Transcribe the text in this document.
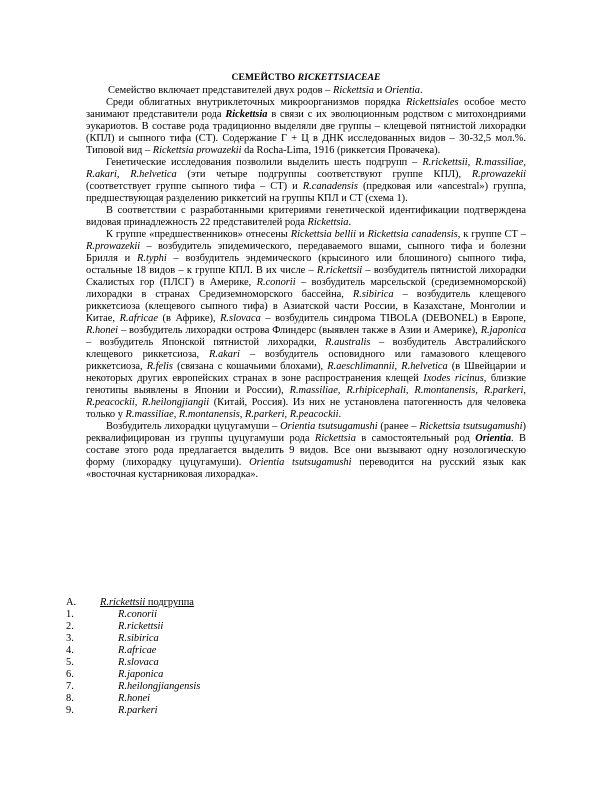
СЕМЕЙСТВО RICKETTSIACEAE

Семейство включает представителей двух родов – Rickettsia и Orientia.

Среди облигатных внутриклеточных микроорганизмов порядка Rickettsiales особое место занимают представители рода Rickettsia в связи с их эволюционным родством с митохондриями эукариотов. В составе рода традиционно выделяли две группы – клещевой пятнистой лихорадки (КПЛ) и сыпного тифа (СТ). Содержание Г + Ц в ДНК исследованных видов – 30-32,5 мол.%. Типовой вид – Rickettsia prowazekii da Rocha-Lima, 1916 (риккетсия Провачека).

Генетические исследования позволили выделить шесть подгрупп – R.rickettsii, R.massiliae, R.akari, R.helvetica (эти четыре подгруппы соответствуют группе КПЛ), R.prowazekii (соответствует группе сыпного тифа – СТ) и R.canadensis (предковая или «ancestral») группа, предшествующая разделению риккетсий на группы КПЛ и СТ (схема 1).

В соответствии с разработанными критериями генетической идентификации подтверждена видовая принадлежность 22 представителей рода Rickettsia.

К группе «предшественников» отнесены Rickettsia bellii и Rickettsia canadensis, к группе СТ – R.prowazekii – возбудитель эпидемического, передаваемого вшами, сыпного тифа и болезни Брилля и R.typhi – возбудитель эндемического (крысиного или блошиного) сыпного тифа, остальные 18 видов – к группе КПЛ. В их числе – R.rickettsii – возбудитель пятнистой лихорадки Скалистых гор (ПЛСГ) в Америке, R.conorii – возбудитель марсельской (средиземноморской) лихорадки в странах Средиземноморского бассейна, R.sibirica – возбудитель клещевого риккетсиоза (клещевого сыпного тифа) в Азиатской части России, в Казахстане, Монголии и Китае, R.africae (в Африке), R.slovaca – возбудитель синдрома TIBOLA (DEBONEL) в Европе, R.honei – возбудитель лихорадки острова Флиндерс (выявлен также в Азии и Америке), R.japonica – возбудитель Японской пятнистой лихорадки, R.australis – возбудитель Австралийского клещевого риккетсиоза, R.akari – возбудитель осповидного или гамазового клещевого риккетсиоза, R.felis (связана с кошачьими блохами), R.aeschlimannii, R.helvetica (в Швейцарии и некоторых других европейских странах в зоне распространения клещей Ixodes ricinus, близкие генотипы выявлены в Японии и России), R.massiliae, R.rhipicephali, R.montanensis, R.parkeri, R.peacockii, R.heilongjiangii (Китай, Россия). Из них не установлена патогенность для человека только у R.massiliae, R.montanensis, R.parkeri, R.peacockii.

Возбудитель лихорадки цуцугамуши – Orientia tsutsugamushi (ранее – Rickettsia tsutsugamushi) реквалифицирован из группы цуцугамуши рода Rickettsia в самостоятельный род Orientia. В составе этого рода предлагается выделить 9 видов. Все они вызывают одну нозологическую форму (лихорадку цуцугамуши). Orientia tsutsugamushi переводится на русский язык как «восточная кустарниковая лихорадка».

A. R.rickettsii подгруппа
1.	R.conorii
2.	R.rickettsii
3.	R.sibirica
4.	R.africae
5.	R.slovaca
6.	R.japonica
7.	R.heilongjiangensis
8.	R.honei
9.	R.parkeri
